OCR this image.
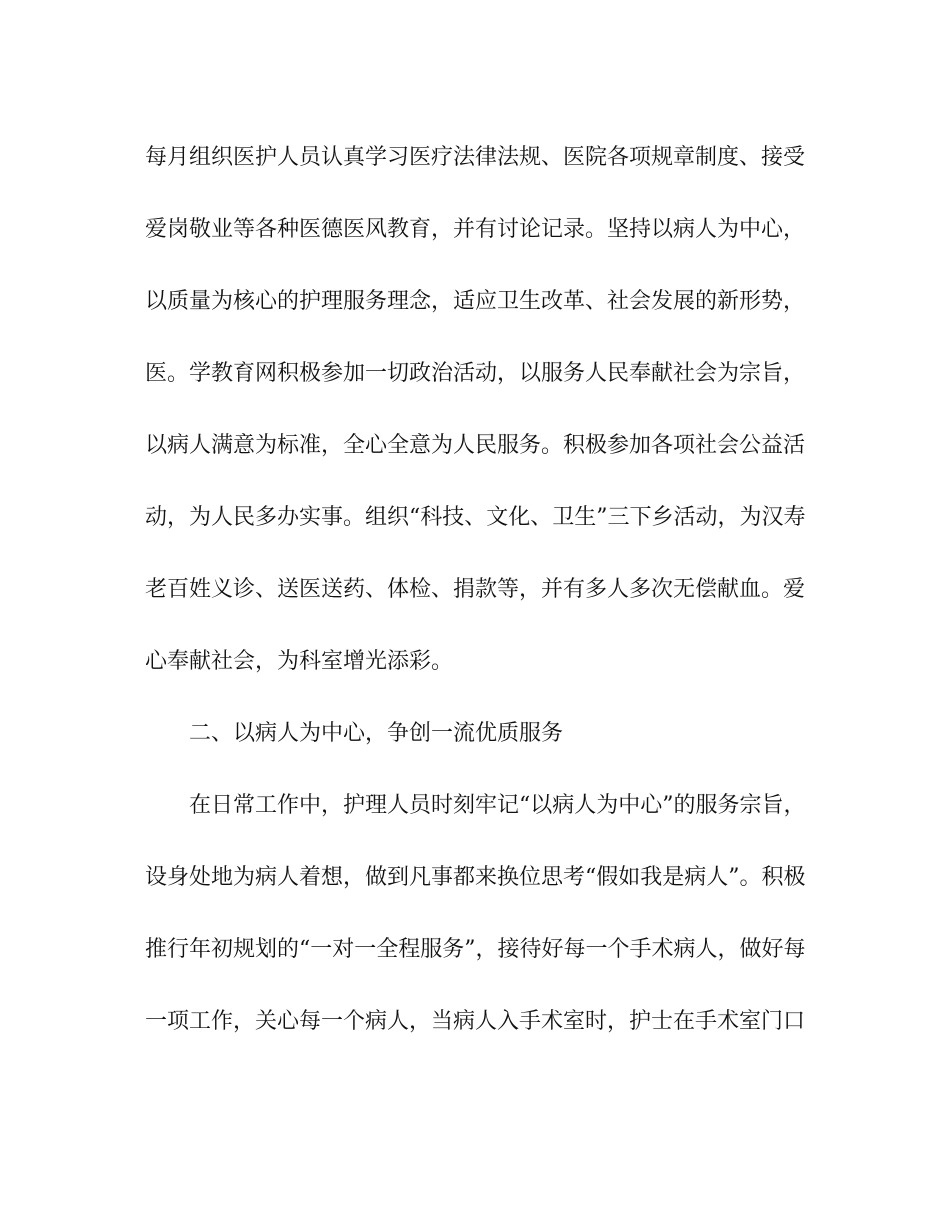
每月组织医护人员认真学习医疗法律法规、医院各项规章制度、接受

爱岗敬业等各种医德医风教育，并有讨论记录。坚持以病人为中心，

以质量为核心的护理服务理念，适应卫生改革、社会发展的新形势，

医。学教育网积极参加一切政治活动，以服务人民奉献社会为宗旨，

以病人满意为标准，全心全意为人民服务。积极参加各项社会公益活

动，为人民多办实事。组织“科技、文化、卫生”三下乡活动，为汉寿

老百姓义诊、送医送药、体检、捐款等，并有多人多次无偿献血。爱

心奉献社会，为科室增光添彩。

二、以病人为中心，争创一流优质服务

在日常工作中，护理人员时刻牢记“以病人为中心”的服务宗旨，

设身处地为病人着想，做到凡事都来换位思考“假如我是病人”。积极

推行年初规划的“一对一全程服务”，接待好每一个手术病人，做好每

一项工作，关心每一个病人，当病人入手术室时，护士在手术室门口
